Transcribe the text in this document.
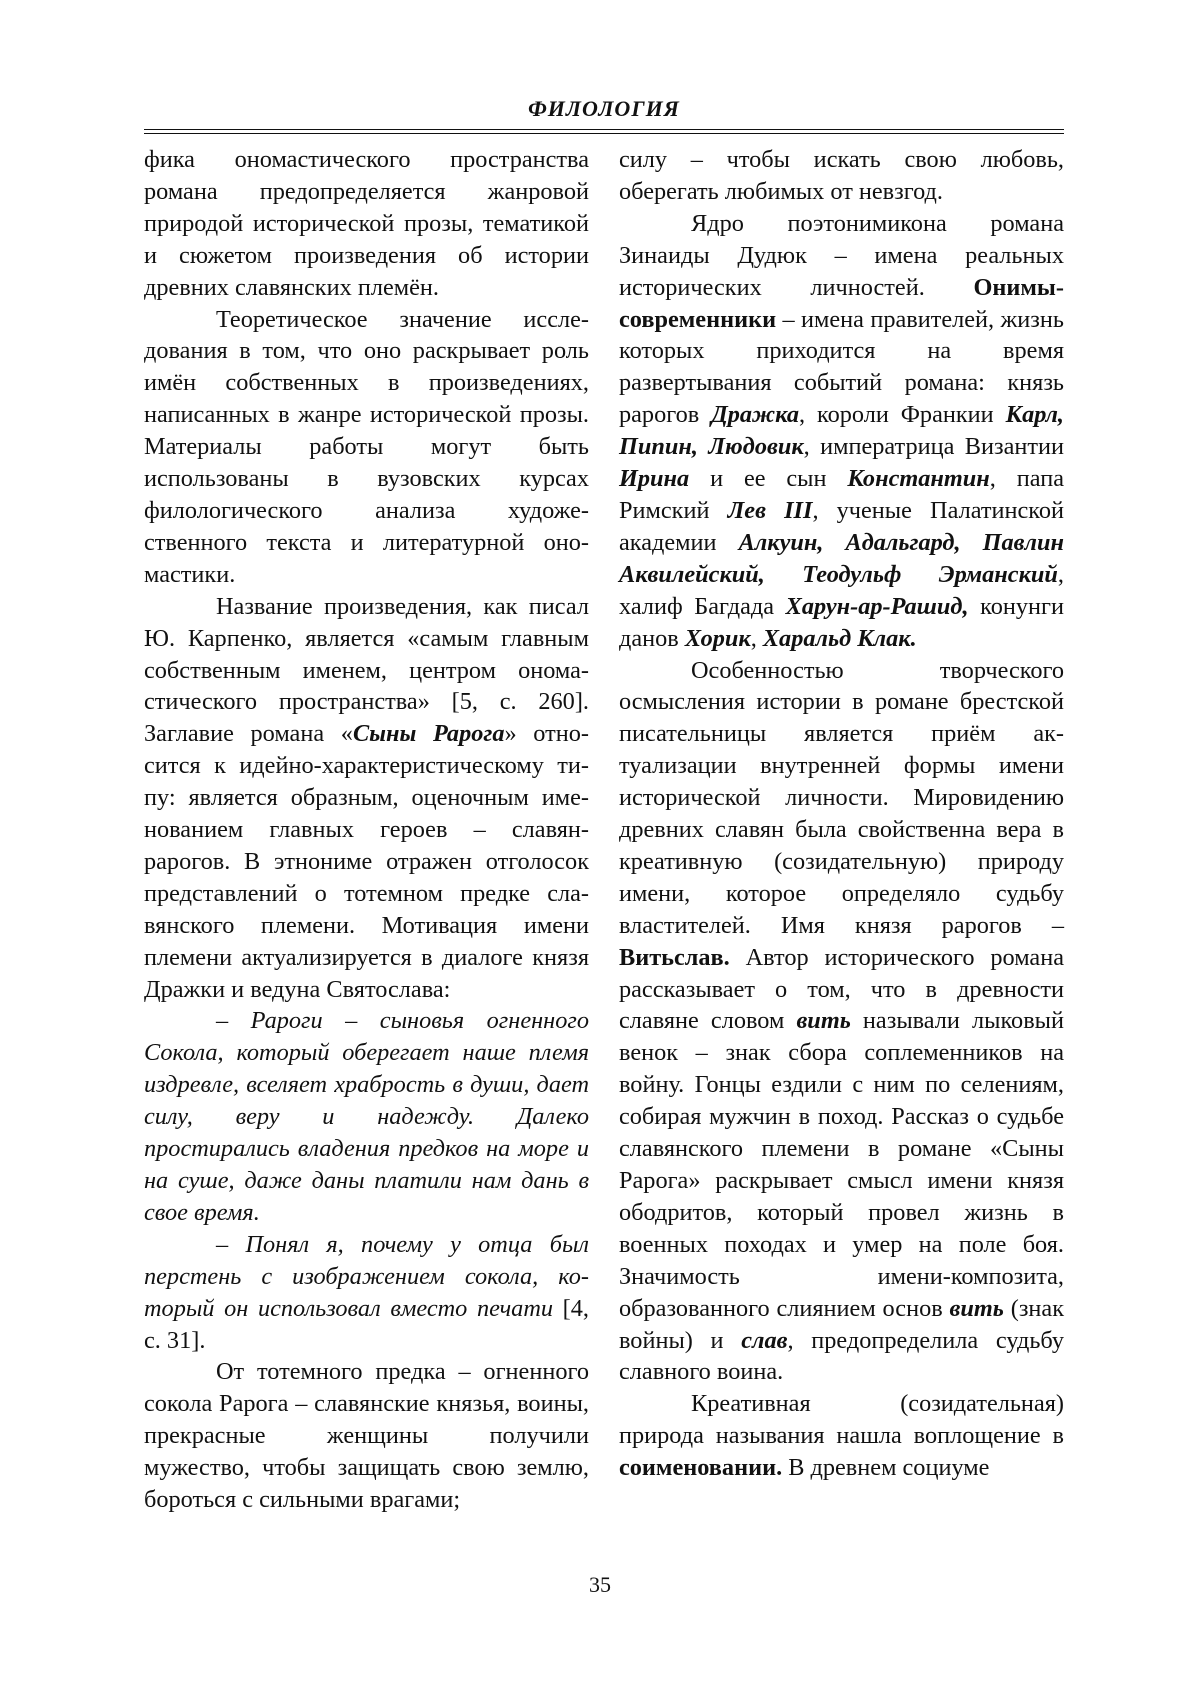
ФИЛОЛОГИЯ

фика ономастического пространства романа предопределяется жанровой природой исторической прозы, тематикой и сюжетом произведения об истории древних славянских племён.

Теоретическое значение исследования в том, что оно раскрывает роль имён собственных в произведениях, написанных в жанре исторической прозы. Материалы работы могут быть использованы в вузовских курсах филологического анализа художественного текста и литературной ономастики.

Название произведения, как писал Ю. Карпенко, является «самым главным собственным именем, центром ономастического пространства» [5, с. 260]. Заглавие романа «Сыны Рарога» относится к идейно-характеристическому типу: является образным, оценочным именованием главных героев – славян-рарогов. В этнониме отражен отголосок представлений о тотемном предке славянского племени. Мотивация имени племени актуализируется в диалоге князя Дражки и ведуна Святослава:

– Рароги – сыновья огненного Сокола, который оберегает наше племя издревле, вселяет храбрость в души, дает силу, веру и надежду. Далеко простирались владения предков на море и на суше, даже даны платили нам дань в свое время.

– Понял я, почему у отца был перстень с изображением сокола, который он использовал вместо печати [4, с. 31].

От тотемного предка – огненного сокола Рарога – славянские князья, воины, прекрасные женщины получили мужество, чтобы защищать свою землю, бороться с сильными врагами;

силу – чтобы искать свою любовь, оберегать любимых от невзгод.

Ядро поэтонимикона романа Зинаиды Дудюк – имена реальных исторических личностей. Онимы-современники – имена правителей, жизнь которых приходится на время развертывания событий романа: князь рарогов Дражка, короли Франкии Карл, Пипин, Людовик, императрица Византии Ирина и ее сын Константин, папа Римский Лев III, ученые Палатинской академии Алкуин, Адальгард, Павлин Аквилейский, Теодульф Эрманский, халиф Багдада Харун-ар-Рашид, конунги данов Хорик, Харальд Клак.

Особенностью творческого осмысления истории в романе брестской писательницы является приём актуализации внутренней формы имени исторической личности. Мировидению древних славян была свойственна вера в креативную (созидательную) природу имени, которое определяло судьбу властителей. Имя князя рарогов – Витьслав. Автор исторического романа рассказывает о том, что в древности славяне словом вить называли лыковый венок – знак сбора соплеменников на войну. Гонцы ездили с ним по селениям, собирая мужчин в поход. Рассказ о судьбе славянского племени в романе «Сыны Рарога» раскрывает смысл имени князя ободритов, который провел жизнь в военных походах и умер на поле боя. Значимость имени-композита, образованного слиянием основ вить (знак войны) и слав, предопределила судьбу славного воина.

Креативная (созидательная) природа называния нашла воплощение в соименовании. В древнем социуме

35
